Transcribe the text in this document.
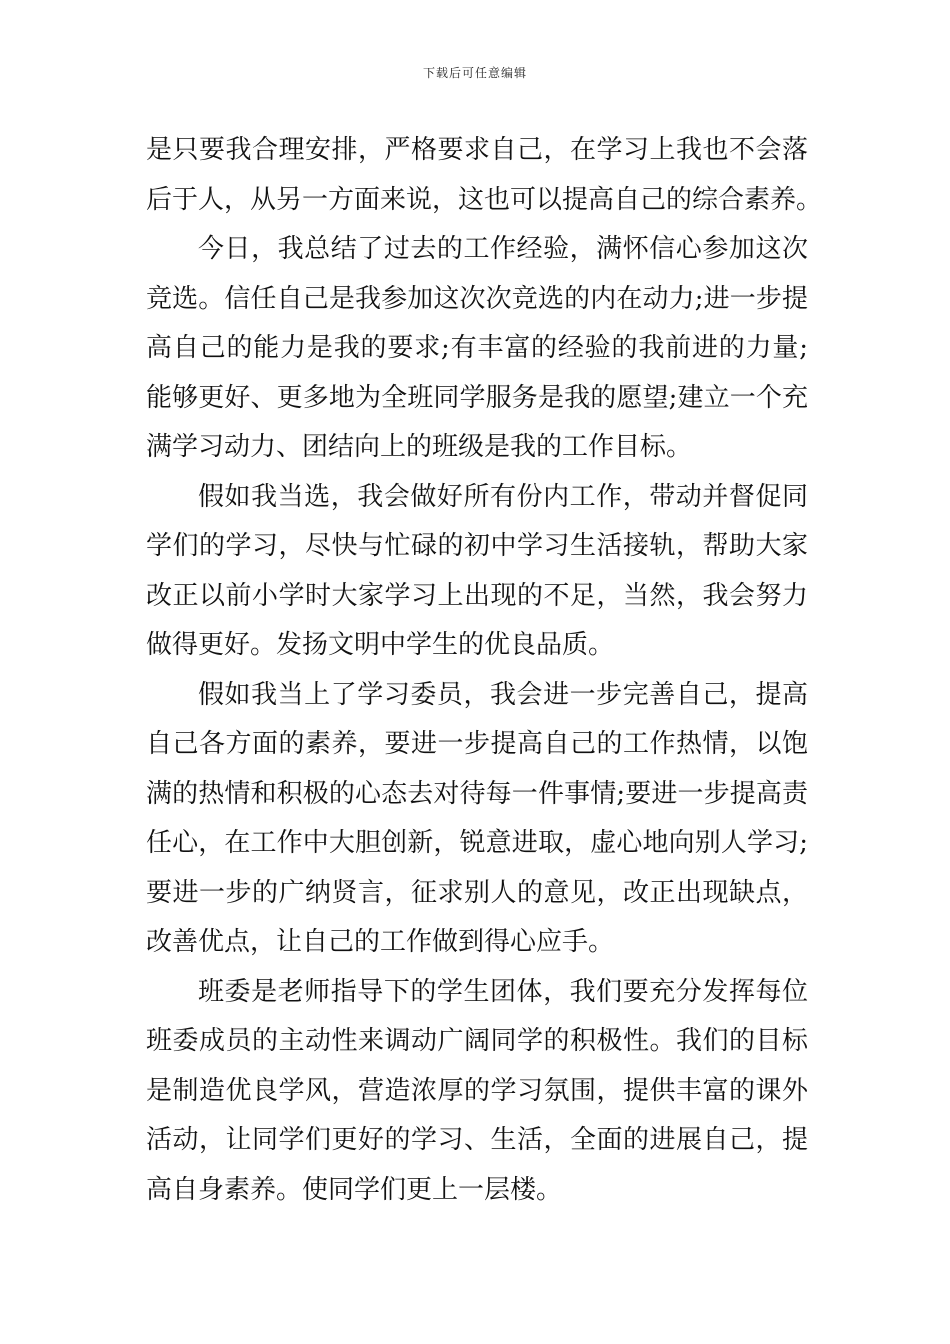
下载后可任意编辑
是只要我合理安排，严格要求自己，在学习上我也不会落
后于人，从另一方面来说，这也可以提高自己的综合素养。
今日，我总结了过去的工作经验，满怀信心参加这次
竞选。信任自己是我参加这次次竞选的内在动力;进一步提
高自己的能力是我的要求;有丰富的经验的我前进的力量;
能够更好、更多地为全班同学服务是我的愿望;建立一个充
满学习动力、团结向上的班级是我的工作目标。
假如我当选，我会做好所有份内工作，带动并督促同
学们的学习，尽快与忙碌的初中学习生活接轨，帮助大家
改正以前小学时大家学习上出现的不足，当然，我会努力
做得更好。发扬文明中学生的优良品质。
假如我当上了学习委员，我会进一步完善自己，提高
自己各方面的素养，要进一步提高自己的工作热情，以饱
满的热情和积极的心态去对待每一件事情;要进一步提高责
任心，在工作中大胆创新，锐意进取，虚心地向别人学习;
要进一步的广纳贤言，征求别人的意见，改正出现缺点，
改善优点，让自己的工作做到得心应手。
班委是老师指导下的学生团体，我们要充分发挥每位
班委成员的主动性来调动广阔同学的积极性。我们的目标
是制造优良学风，营造浓厚的学习氛围，提供丰富的课外
活动，让同学们更好的学习、生活，全面的进展自己，提
高自身素养。使同学们更上一层楼。
